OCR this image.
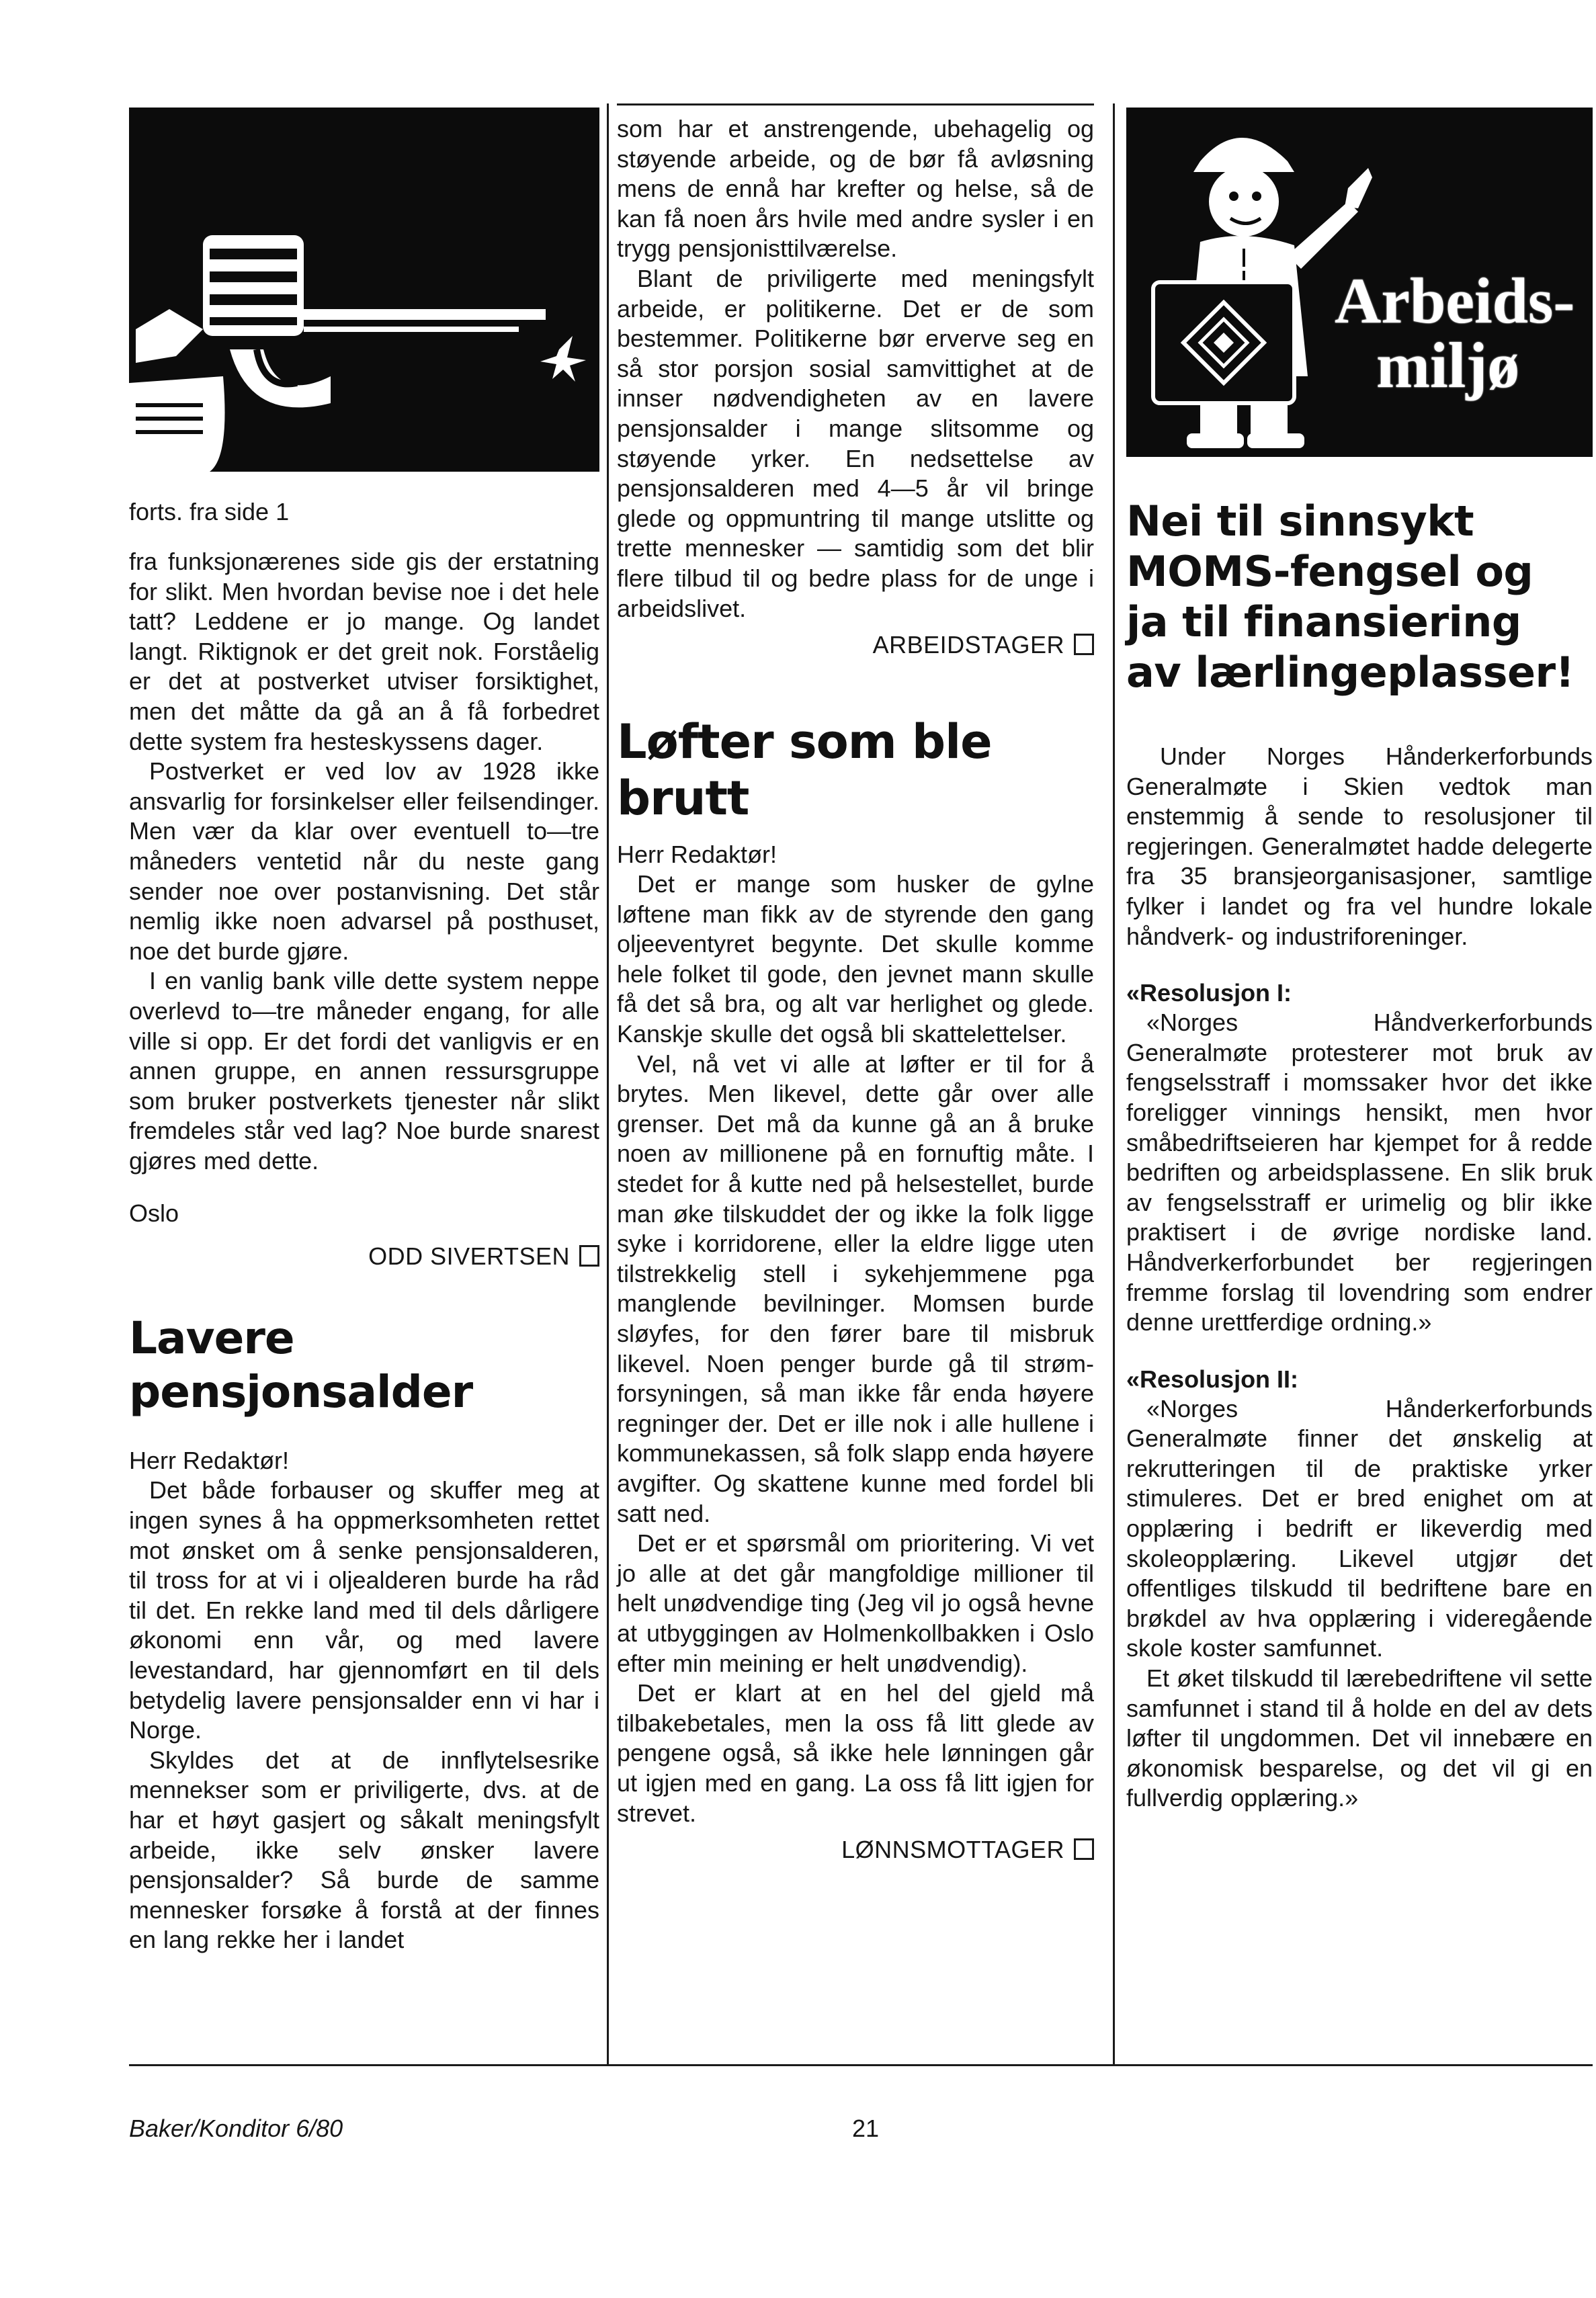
forts. fra side 1

fra funksjonærenes side gis der erstatning for slikt. Men hvordan bevise noe i det hele tatt? Leddene er jo mange. Og landet langt. Riktignok er det greit nok. Forståelig er det at postverket utviser forsiktighet, men det måtte da gå an å få forbedret dette system fra hesteskyssens dager.

Postverket er ved lov av 1928 ikke ansvarlig for forsinkelser eller feilsendinger. Men vær da klar over eventuell to—tre måneders ventetid når du neste gang sender noe over postanvisning. Det står nemlig ikke noen advarsel på posthuset, noe det burde gjøre.

I en vanlig bank ville dette system neppe overlevd to—tre måneder engang, for alle ville si opp. Er det fordi det vanligvis er en annen gruppe, en annen ressursgruppe som bruker postverkets tjenester når slikt fremdeles står ved lag? Noe burde snarest gjøres med dette.

Oslo

ODD SIVERTSEN

Lavere
pensjonsalder

Herr Redaktør!

Det både forbauser og skuffer meg at ingen synes å ha oppmerksomheten rettet mot ønsket om å senke pensjonsalderen, til tross for at vi i oljealderen burde ha råd til det. En rekke land med til dels dårligere økonomi enn vår, og med lavere levestandard, har gjennomført en til dels betydelig lavere pensjonsalder enn vi har i Norge.

Skyldes det at de innflytelsesrike mennekser som er priviligerte, dvs. at de har et høyt gasjert og såkalt meningsfylt arbeide, ikke selv ønsker lavere pensjonsalder? Så burde de samme mennesker forsøke å forstå at der finnes en lang rekke her i landet

som har et anstrengende, ubehagelig og støyende arbeide, og de bør få avløsning mens de ennå har krefter og helse, så de kan få noen års hvile med andre sysler i en trygg pensjonisttilværelse.

Blant de priviligerte med meningsfylt arbeide, er politikerne. Det er de som bestemmer. Politikerne bør erverve seg en så stor porsjon sosial samvittighet at de innser nødvendigheten av en lavere pensjonsalder i mange slitsomme og støyende yrker. En nedsettelse av pensjonsalderen med 4—5 år vil bringe glede og oppmuntring til mange utslitte og trette mennesker — samtidig som det blir flere tilbud til og bedre plass for de unge i arbeidslivet.

ARBEIDSTAGER

Løfter som ble brutt

Herr Redaktør!

Det er mange som husker de gylne løftene man fikk av de styrende den gang oljeeventyret begynte. Det skulle komme hele folket til gode, den jevnet mann skulle få det så bra, og alt var herlighet og glede. Kanskje skulle det også bli skattelettelser.

Vel, nå vet vi alle at løfter er til for å brytes. Men likevel, dette går over alle grenser. Det må da kunne gå an å bruke noen av millionene på en fornuftig måte. I stedet for å kutte ned på helsestellet, burde man øke tilskuddet der og ikke la folk ligge syke i korridorene, eller la eldre ligge uten tilstrekkelig stell i sykehjemmene pga manglende bevilninger. Momsen burde sløyfes, for den fører bare til misbruk likevel. Noen penger burde gå til strøm-forsyningen, så man ikke får enda høyere regninger der. Det er ille nok i alle hullene i kommunekassen, så folk slapp enda høyere avgifter. Og skattene kunne med fordel bli satt ned.

Det er et spørsmål om prioritering. Vi vet jo alle at det går mangfoldige millioner til helt unødvendige ting (Jeg vil jo også hevne at utbyggingen av Holmenkollbakken i Oslo efter min meining er helt unødvendig).

Det er klart at en hel del gjeld må tilbakebetales, men la oss få litt glede av pengene også, så ikke hele lønningen går ut igjen med en gang. La oss få litt igjen for strevet.

LØNNSMOTTAGER

Arbeids-
miljø
Nei til sinnsykt
MOMS-fengsel og
ja til finansiering
av lærlingeplasser!

Under Norges Hånderkerforbunds Generalmøte i Skien vedtok man enstemmig å sende to resolusjoner til regjeringen. Generalmøtet hadde delegerte fra 35 bransjeorganisasjoner, samtlige fylker i landet og fra vel hundre lokale håndverk- og industriforeninger.

«Resolusjon I:

«Norges Håndverkerforbunds Generalmøte protesterer mot bruk av fengselsstraff i momssaker hvor det ikke foreligger vinnings hensikt, men hvor småbedriftseieren har kjempet for å redde bedriften og arbeidsplassene. En slik bruk av fengselsstraff er urimelig og blir ikke praktisert i de øvrige nordiske land. Håndverkerforbundet ber regjeringen fremme forslag til lovendring som endrer denne urettferdige ordning.»

«Resolusjon II:

«Norges Hånderkerforbunds Generalmøte finner det ønskelig at rekrutteringen til de praktiske yrker stimuleres. Det er bred enighet om at opplæring i bedrift er likeverdig med skoleopplæring. Likevel utgjør det offentliges tilskudd til bedriftene bare en brøkdel av hva opplæring i videregående skole koster samfunnet.

Et øket tilskudd til lærebedriftene vil sette samfunnet i stand til å holde en del av dets løfter til ungdommen. Det vil innebære en økonomisk besparelse, og det vil gi en fullverdig opplæring.»

Baker/Konditor 6/80	21
